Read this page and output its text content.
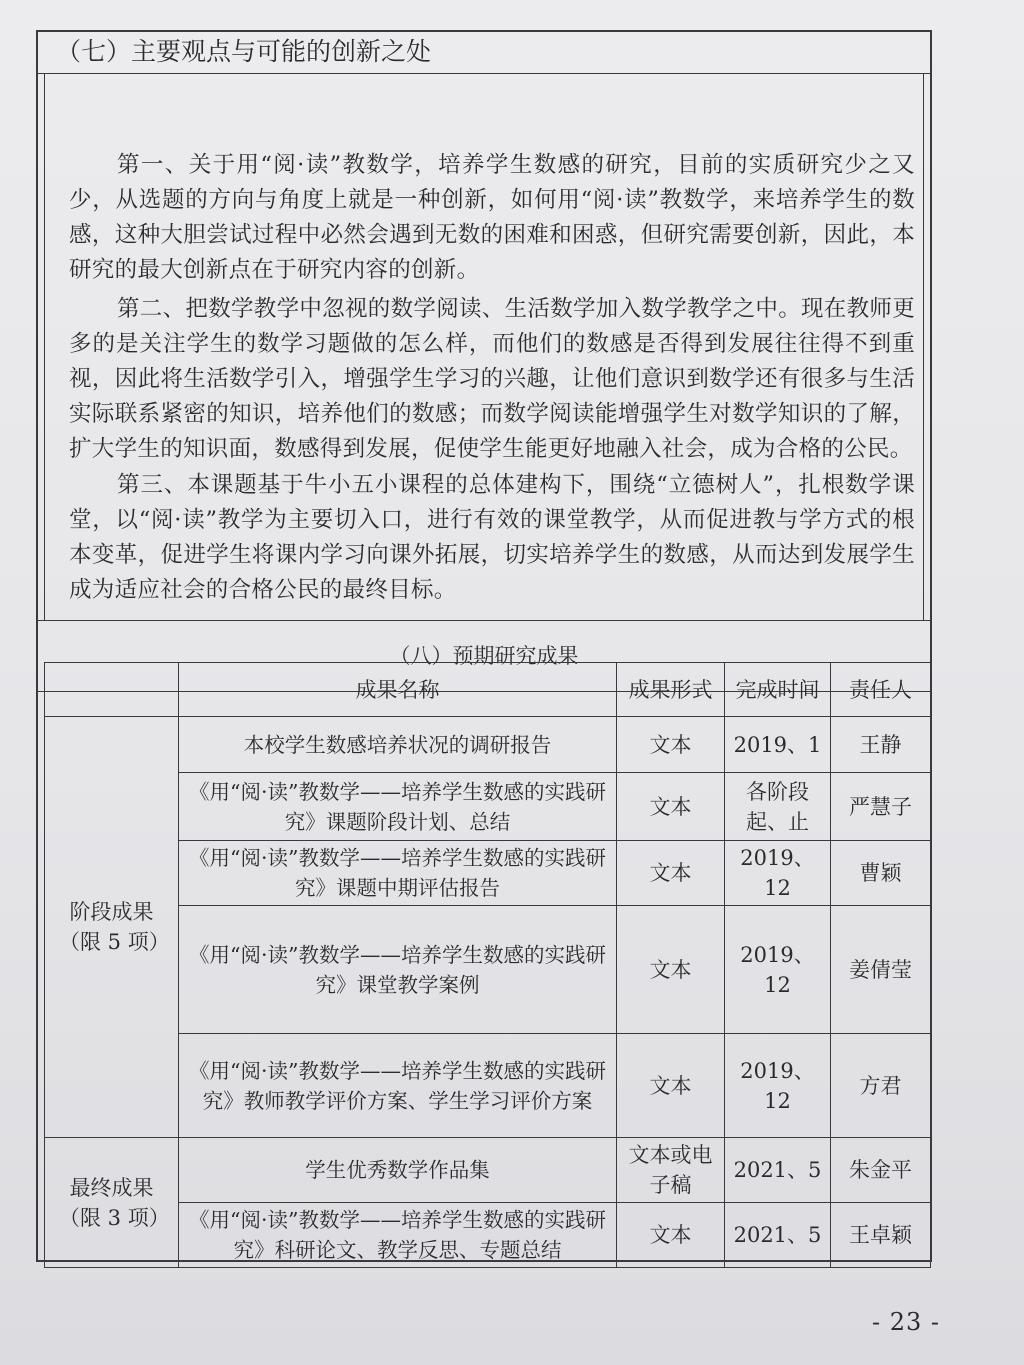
（七）主要观点与可能的创新之处

第一、关于用“阅·读”教数学，培养学生数感的研究，目前的实质研究少之又少，从选题的方向与角度上就是一种创新，如何用“阅·读”教数学，来培养学生的数感，这种大胆尝试过程中必然会遇到无数的困难和困惑，但研究需要创新，因此，本研究的最大创新点在于研究内容的创新。

第二、把数学教学中忽视的数学阅读、生活数学加入数学教学之中。现在教师更多的是关注学生的数学习题做的怎么样，而他们的数感是否得到发展往往得不到重视，因此将生活数学引入，增强学生学习的兴趣，让他们意识到数学还有很多与生活实际联系紧密的知识，培养他们的数感；而数学阅读能增强学生对数学知识的了解，扩大学生的知识面，数感得到发展，促使学生能更好地融入社会，成为合格的公民。

第三、本课题基于牛小五小课程的总体建构下，围绕“立德树人”，扎根数学课堂，以“阅·读”教学为主要切入口，进行有效的课堂教学，从而促进教与学方式的根本变革，促进学生将课内学习向课外拓展，切实培养学生的数感，从而达到发展学生成为适应社会的合格公民的最终目标。

（八）预期研究成果
	成果名称	成果形式	完成时间	责任人
阶段成果（限 5 项）	本校学生数感培养状况的调研报告	文本	2019、1	王静
	《用“阅·读”教数学——培养学生数感的实践研究》课题阶段计划、总结	文本	各阶段起、止	严慧子
	《用“阅·读”教数学——培养学生数感的实践研究》课题中期评估报告	文本	2019、12	曹颖
	《用“阅·读”教数学——培养学生数感的实践研究》课堂教学案例	文本	2019、12	姜倩莹
	《用“阅·读”教数学——培养学生数感的实践研究》教师教学评价方案、学生学习评价方案	文本	2019、12	方君
最终成果（限 3 项）	学生优秀数学作品集	文本或电子稿	2021、5	朱金平
	《用“阅·读”教数学——培养学生数感的实践研究》科研论文、教学反思、专题总结	文本	2021、5	王卓颖
- 23 -
